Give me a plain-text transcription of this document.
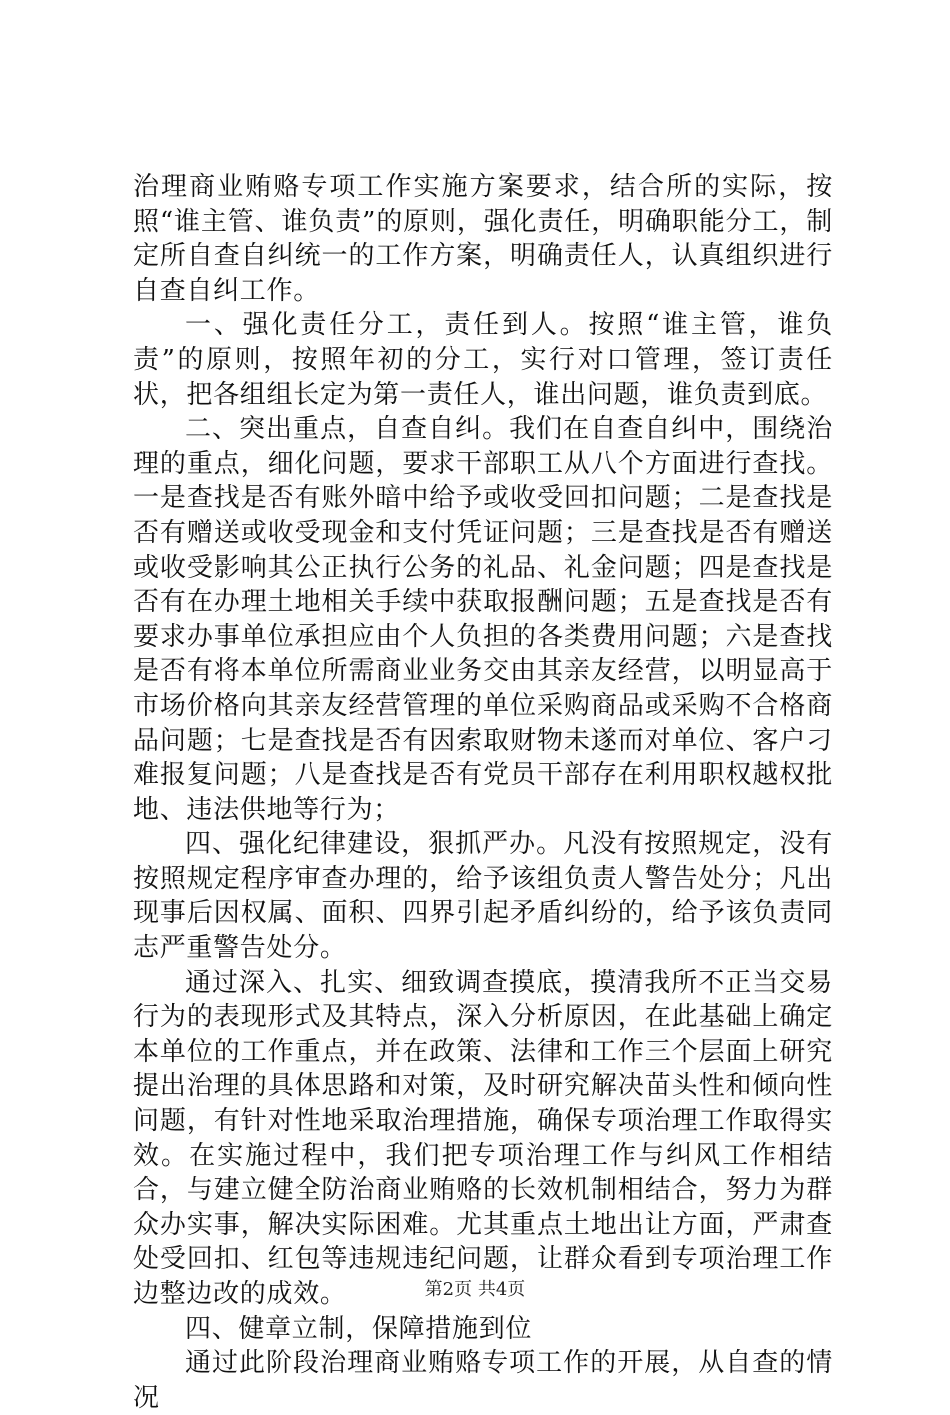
治理商业贿赂专项工作实施方案要求，结合所的实际，按照“谁主管、谁负责”的原则，强化责任，明确职能分工，制定所自查自纠统一的工作方案，明确责任人，认真组织进行自查自纠工作。

一、强化责任分工，责任到人。按照“谁主管，谁负责”的原则，按照年初的分工，实行对口管理，签订责任状，把各组组长定为第一责任人，谁出问题，谁负责到底。

二、突出重点，自查自纠。我们在自查自纠中，围绕治理的重点，细化问题，要求干部职工从八个方面进行查找。一是查找是否有账外暗中给予或收受回扣问题；二是查找是否有赠送或收受现金和支付凭证问题；三是查找是否有赠送或收受影响其公正执行公务的礼品、礼金问题；四是查找是否有在办理土地相关手续中获取报酬问题；五是查找是否有要求办事单位承担应由个人负担的各类费用问题；六是查找是否有将本单位所需商业业务交由其亲友经营，以明显高于市场价格向其亲友经营管理的单位采购商品或采购不合格商品问题；七是查找是否有因索取财物未遂而对单位、客户刁难报复问题；八是查找是否有党员干部存在利用职权越权批地、违法供地等行为；

四、强化纪律建设，狠抓严办。凡没有按照规定，没有按照规定程序审查办理的，给予该组负责人警告处分；凡出现事后因权属、面积、四界引起矛盾纠纷的，给予该负责同志严重警告处分。

通过深入、扎实、细致调查摸底，摸清我所不正当交易行为的表现形式及其特点，深入分析原因，在此基础上确定本单位的工作重点，并在政策、法律和工作三个层面上研究提出治理的具体思路和对策，及时研究解决苗头性和倾向性问题，有针对性地采取治理措施，确保专项治理工作取得实效。在实施过程中，我们把专项治理工作与纠风工作相结合，与建立健全防治商业贿赂的长效机制相结合，努力为群众办实事，解决实际困难。尤其重点土地出让方面，严肃查处受回扣、红包等违规违纪问题，让群众看到专项治理工作边整边改的成效。

四、健章立制，保障措施到位

通过此阶段治理商业贿赂专项工作的开展，从自查的情况

第2页 共4页
